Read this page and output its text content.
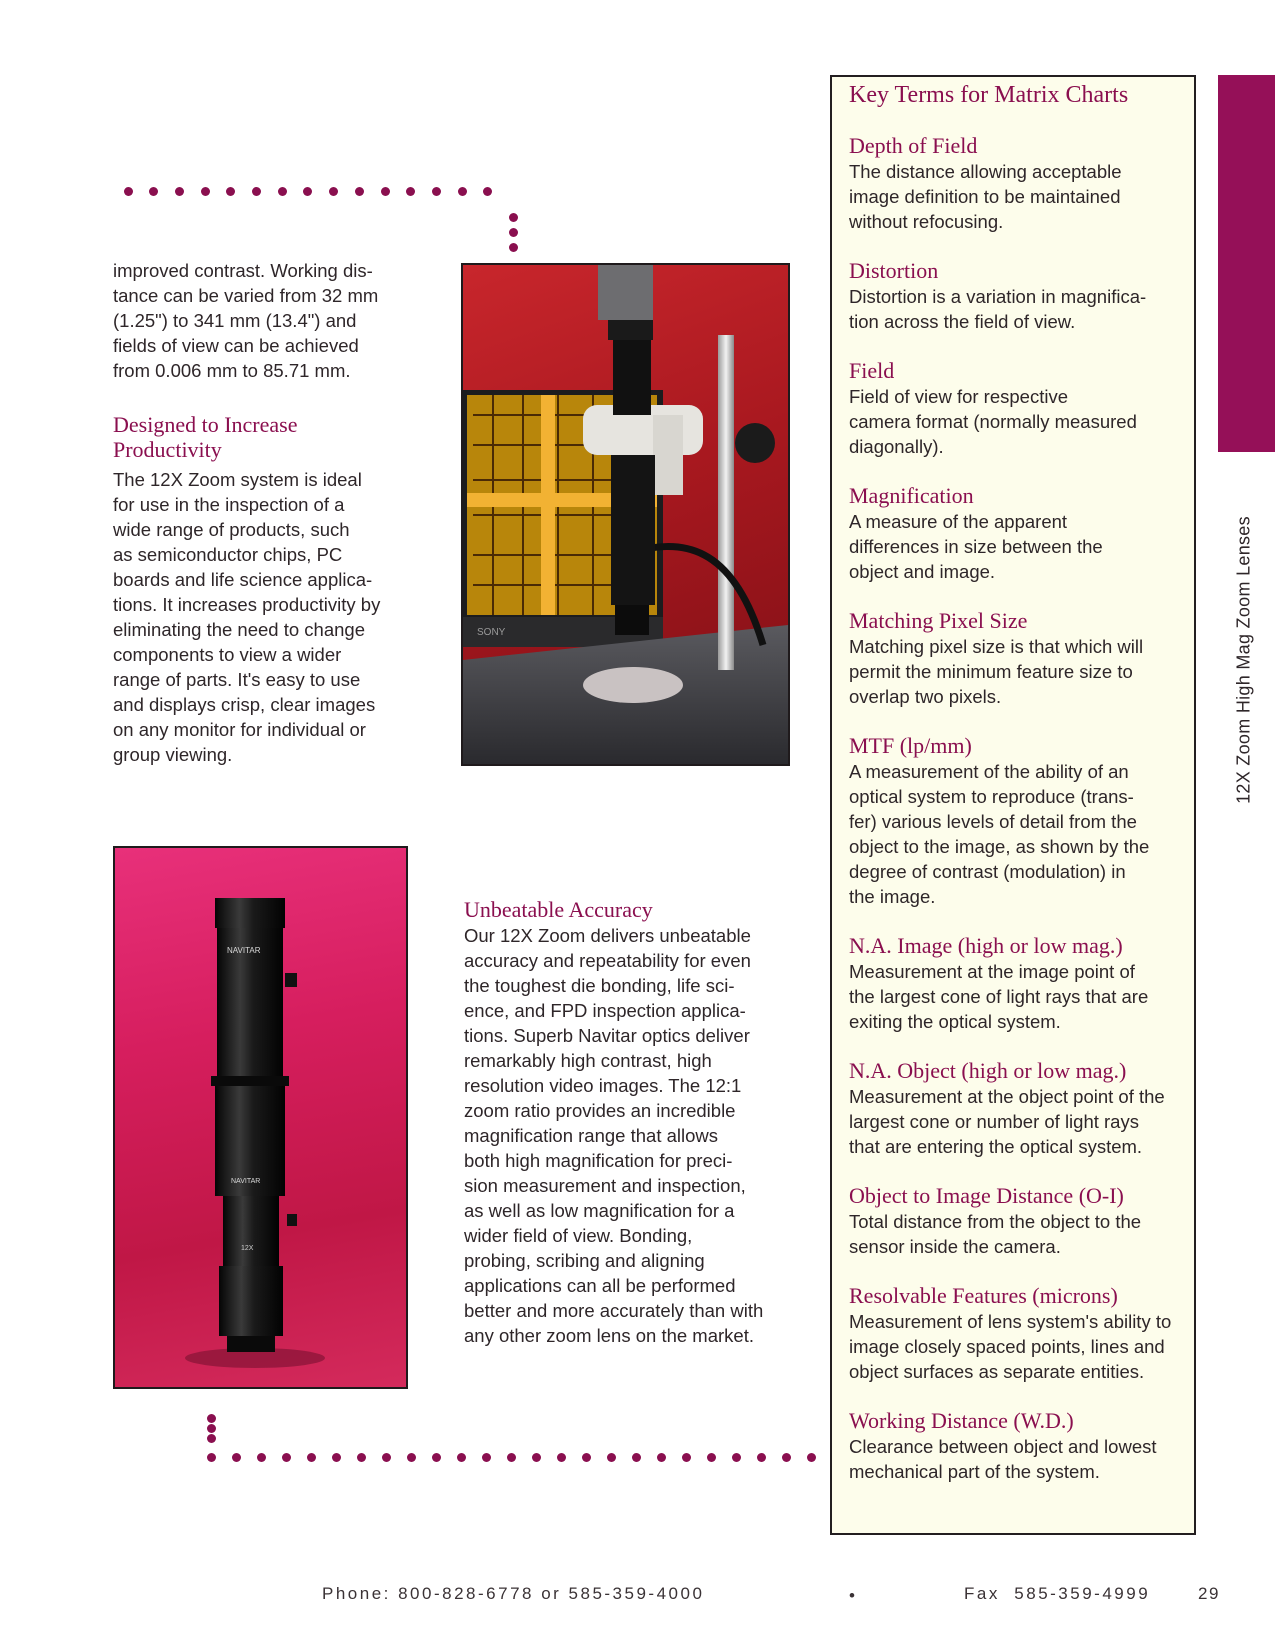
improved contrast. Working dis-
tance can be varied from 32 mm
(1.25") to 341 mm (13.4") and
fields of view can be achieved
from 0.006 mm to 85.71 mm.

Designed to Increase
Productivity

The 12X Zoom system is ideal
for use in the inspection of a
wide range of products, such
as semiconductor chips, PC
boards and life science applica-
tions. It increases productivity by
eliminating the need to change
components to view a wider
range of parts. It's easy to use
and displays crisp, clear images
on any monitor for individual or
group viewing.

SONY
NAVITAR
NAVITAR
12X
Unbeatable Accuracy

Our 12X Zoom delivers unbeatable
accuracy and repeatability for even
the toughest die bonding, life sci-
ence, and FPD inspection applica-
tions. Superb Navitar optics deliver
remarkably high contrast, high
resolution video images. The 12:1
zoom ratio provides an incredible
magnification range that allows
both high magnification for preci-
sion measurement and inspection,
as well as low magnification for a
wider field of view. Bonding,
probing, scribing and aligning
applications can all be performed
better and more accurately than with
any other zoom lens on the market.

Key Terms for Matrix Charts
Depth of Field

The distance allowing acceptable
image definition to be maintained
without refocusing.

Distortion

Distortion is a variation in magnifica-
tion across the field of view.

Field

Field of view for respective
camera format (normally measured
diagonally).

Magnification

A measure of the apparent
differences in size between the
object and image.

Matching Pixel Size

Matching pixel size is that which will
permit the minimum feature size to
overlap two pixels.

MTF (lp/mm)

A measurement of the ability of an
optical system to reproduce (trans-
fer) various levels of detail from the
object to the image, as shown by the
degree of contrast (modulation) in
the image.

N.A. Image (high or low mag.)

Measurement at the image point of
the largest cone of light rays that are
exiting the optical system.

N.A. Object (high or low mag.)

Measurement at the object point of the
largest cone or number of light rays
that are entering the optical system.

Object to Image Distance (O-I)

Total distance from the object to the
sensor inside the camera.

Resolvable Features (microns)

Measurement of lens system's ability to
image closely spaced points, lines and
object surfaces as separate entities.

Working Distance (W.D.)

Clearance between object and lowest
mechanical part of the system.

12X Zoom High Mag Zoom Lenses
Phone: 800-828-6778 or 585-359-4000	•	Fax  585-359-4999	29
